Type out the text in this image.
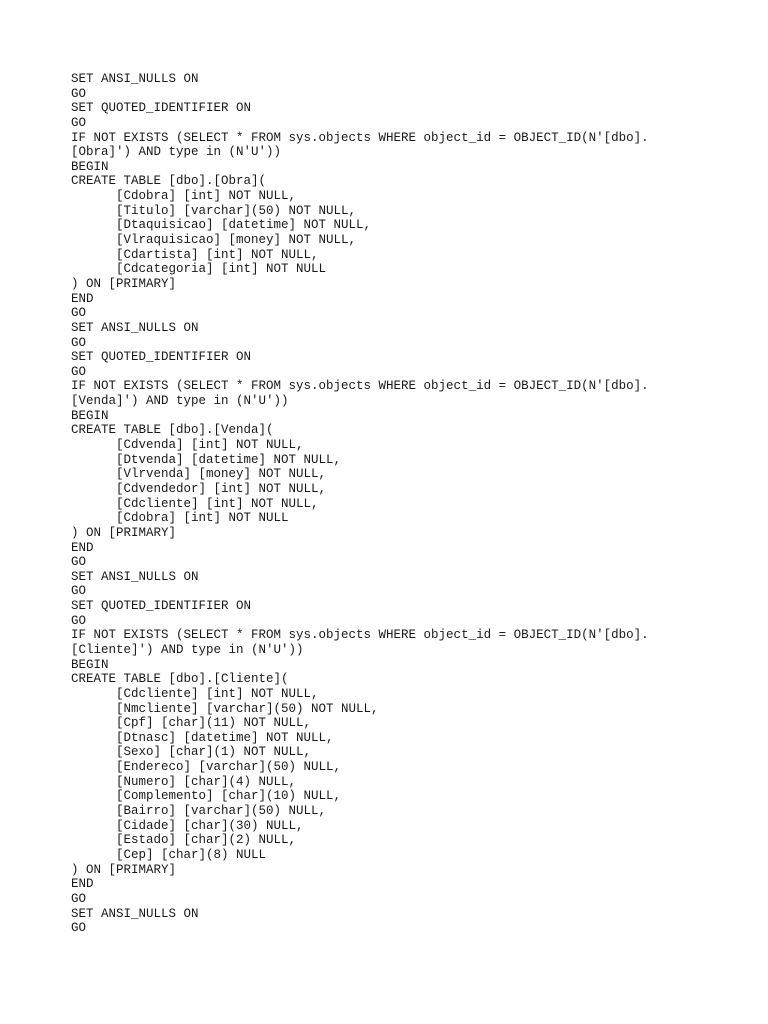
SET ANSI_NULLS ON
GO
SET QUOTED_IDENTIFIER ON
GO
IF NOT EXISTS (SELECT * FROM sys.objects WHERE object_id = OBJECT_ID(N'[dbo].
[Obra]') AND type in (N'U'))
BEGIN
CREATE TABLE [dbo].[Obra](
[Cdobra] [int] NOT NULL,
[Titulo] [varchar](50) NOT NULL,
[Dtaquisicao] [datetime] NOT NULL,
[Vlraquisicao] [money] NOT NULL,
[Cdartista] [int] NOT NULL,
[Cdcategoria] [int] NOT NULL
) ON [PRIMARY]
END
GO
SET ANSI_NULLS ON
GO
SET QUOTED_IDENTIFIER ON
GO
IF NOT EXISTS (SELECT * FROM sys.objects WHERE object_id = OBJECT_ID(N'[dbo].
[Venda]') AND type in (N'U'))
BEGIN
CREATE TABLE [dbo].[Venda](
[Cdvenda] [int] NOT NULL,
[Dtvenda] [datetime] NOT NULL,
[Vlrvenda] [money] NOT NULL,
[Cdvendedor] [int] NOT NULL,
[Cdcliente] [int] NOT NULL,
[Cdobra] [int] NOT NULL
) ON [PRIMARY]
END
GO
SET ANSI_NULLS ON
GO
SET QUOTED_IDENTIFIER ON
GO
IF NOT EXISTS (SELECT * FROM sys.objects WHERE object_id = OBJECT_ID(N'[dbo].
[Cliente]') AND type in (N'U'))
BEGIN
CREATE TABLE [dbo].[Cliente](
[Cdcliente] [int] NOT NULL,
[Nmcliente] [varchar](50) NOT NULL,
[Cpf] [char](11) NOT NULL,
[Dtnasc] [datetime] NOT NULL,
[Sexo] [char](1) NOT NULL,
[Endereco] [varchar](50) NULL,
[Numero] [char](4) NULL,
[Complemento] [char](10) NULL,
[Bairro] [varchar](50) NULL,
[Cidade] [char](30) NULL,
[Estado] [char](2) NULL,
[Cep] [char](8) NULL
) ON [PRIMARY]
END
GO
SET ANSI_NULLS ON
GO
